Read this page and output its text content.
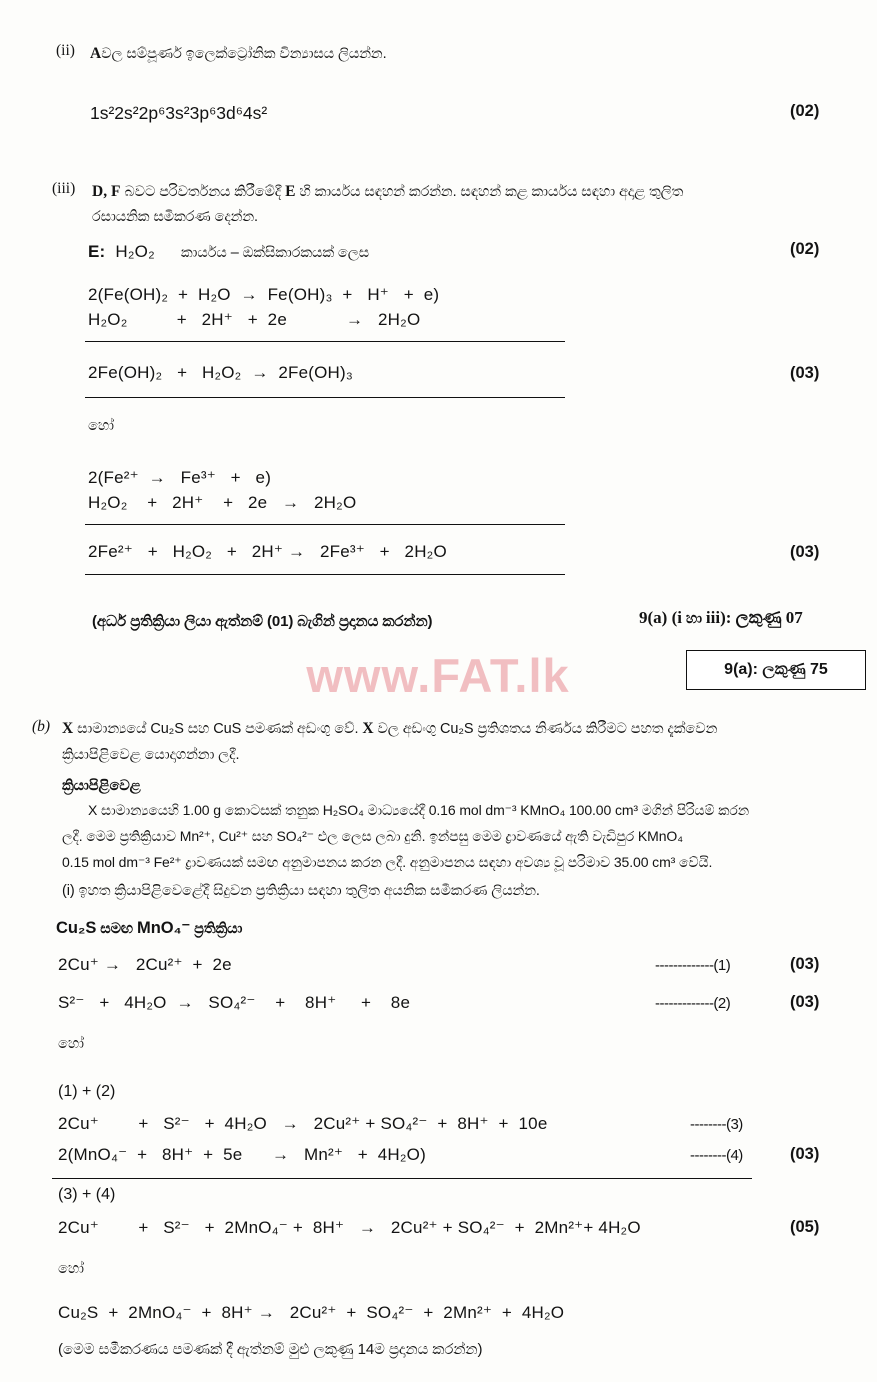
www.FAT.lk
(ii) Aවල සම්පූර්ණ ඉලෙක්ට්‍රෝනික වින්‍යාසය ලියන්න.
1s²2s²2p⁶3s²3p⁶3d⁶4s²	(02)
(iii) D, F බවට පරිවර්තනය කිරීමේදී E හි කාර්යය සඳහන් කරන්න. සඳහන් කළ කාර්යය සඳහා අදාළ තුලිත
රසායනික සමීකරණ දෙන්න.
E: H₂O₂ කාර්යය – ඔක්සිකාරකයක් ලෙස	(02)
2(Fe(OH)₂  +  H₂O  →  Fe(OH)₃  +   H⁺   +  e)
H₂O₂          +   2H⁺   +  2e            →   2H₂O
2Fe(OH)₂   +   H₂O₂  →  2Fe(OH)₃	(03)
හෝ
2(Fe²⁺  →   Fe³⁺   +   e)
H₂O₂    +   2H⁺    +   2e   →   2H₂O
2Fe²⁺   +   H₂O₂   +   2H⁺ →   2Fe³⁺   +   2H₂O	(03)
(අර්ධ ප්‍රතික්‍රියා ලියා ඇත්නම් (01) බැගින් ප්‍රදානය කරන්න)	9(a) (i හා iii): ලකුණු 07
9(a): ලකුණු 75
(b) X සාමාන්‍යයේ Cu₂S සහ CuS පමණක් අඩංගු වේ. X වල අඩංගු Cu₂S ප්‍රතිශතය නිර්ණය කිරීමට පහත දැක්වෙන
ක්‍රියාපිළිවෙළ යොදාගන්නා ලදී.
ක්‍රියාපිළිවෙළ
X සාමාන්‍යයෙහි 1.00 g කොටසක් තනුක H₂SO₄ මාධ්‍යයේදී 0.16 mol dm⁻³ KMnO₄ 100.00 cm³ මගින් පිරියම් කරන
ලදී. මෙම ප්‍රතික්‍රියාව Mn²⁺, Cu²⁺ සහ SO₄²⁻ එල ලෙස ලබා දුනි. ඉන්පසු මෙම ද්‍රාවණයේ ඇති වැඩිපුර KMnO₄
0.15 mol dm⁻³ Fe²⁺ ද්‍රාවණයක් සමඟ අනුමාපනය කරන ලදී. අනුමාපනය සඳහා අවශ්‍ය වූ පරිමාව 35.00 cm³ වේයි.
(i) ඉහත ක්‍රියාපිළිවෙළේදී සිදුවන ප්‍රතික්‍රියා සඳහා තුලිත අයනික සමීකරණ ලියන්න.
Cu₂S සමඟ MnO₄⁻ ප්‍රතික්‍රියා
2Cu⁺ →   2Cu²⁺  +  2e	-------------(1)	(03)
S²⁻   +   4H₂O  →   SO₄²⁻    +    8H⁺     +    8e	-------------(2)	(03)
හෝ
(1) + (2)
2Cu⁺        +   S²⁻   +  4H₂O   →   2Cu²⁺ + SO₄²⁻  +  8H⁺  +  10e	--------(3)
2(MnO₄⁻  +   8H⁺  +  5e      →   Mn²⁺   +  4H₂O)	--------(4)	(03)
(3) + (4)
2Cu⁺        +   S²⁻   +  2MnO₄⁻ +  8H⁺   →   2Cu²⁺ + SO₄²⁻  +  2Mn²⁺+ 4H₂O	(05)
හෝ
Cu₂S  +  2MnO₄⁻  +  8H⁺ →   2Cu²⁺  +  SO₄²⁻  +  2Mn²⁺  +  4H₂O
(මෙම සමීකරණය පමණක් දී ඇත්නම් මුළු ලකුණු 14ම ප්‍රදානය කරන්න)
